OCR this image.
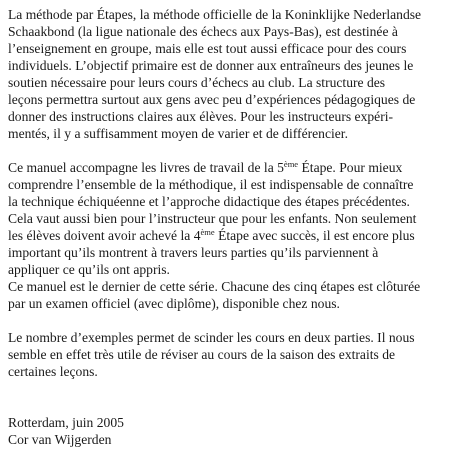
La méthode par Étapes, la méthode officielle de la Koninklijke Nederlandse
Schaakbond (la ligue nationale des échecs aux Pays-Bas), est destinée à
l’enseignement en groupe, mais elle est tout aussi efficace pour des cours
individuels. L’objectif primaire est de donner aux entraîneurs des jeunes le
soutien nécessaire pour leurs cours d’échecs au club. La structure des
leçons permettra surtout aux gens avec peu d’expériences pédagogiques de
donner des instructions claires aux élèves. Pour les instructeurs expéri-
mentés, il y a suffisamment moyen de varier et de différencier.
Ce manuel accompagne les livres de travail de la 5ème Étape. Pour mieux
comprendre l’ensemble de la méthodique, il est indispensable de connaître
la technique échiquéenne et l’approche didactique des étapes précédentes.
Cela vaut aussi bien pour l’instructeur que pour les enfants. Non seulement
les élèves doivent avoir achevé la 4ème Étape avec succès, il est encore plus
important qu’ils montrent à travers leurs parties qu’ils parviennent à
appliquer ce qu’ils ont appris.
Ce manuel est le dernier de cette série. Chacune des cinq étapes est clôturée
par un examen officiel (avec diplôme), disponible chez nous.
Le nombre d’exemples permet de scinder les cours en deux parties. Il nous
semble en effet très utile de réviser au cours de la saison des extraits de
certaines leçons.
Rotterdam, juin 2005
Cor van Wijgerden
